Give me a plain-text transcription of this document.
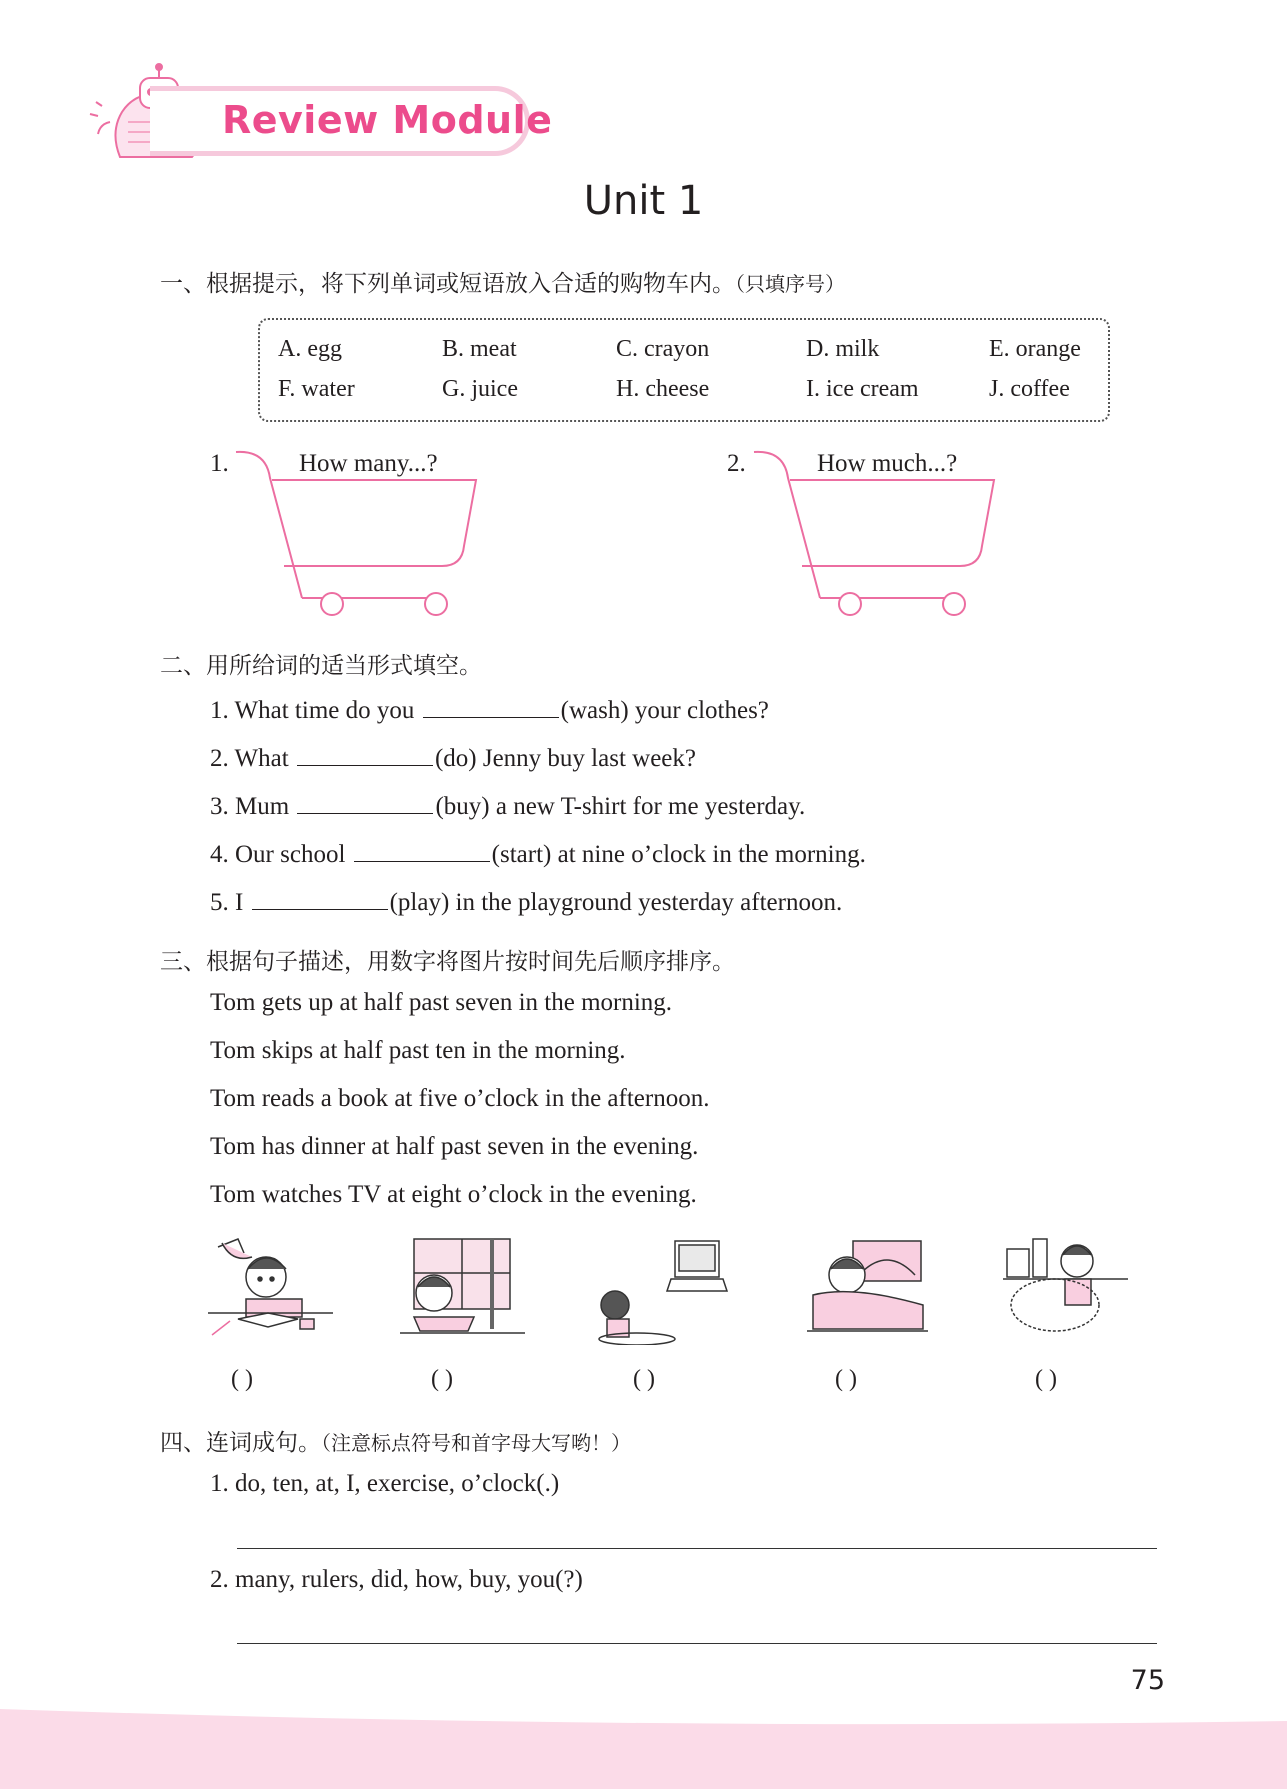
Review Module
Unit 1
一、根据提示，将下列单词或短语放入合适的购物车内。（只填序号）
A. egg	B. meat	C. crayon	D. milk	E. orange
F. water	G. juice	H. cheese	I. ice cream	J. coffee
1.	How many...?	2.	How much...?
二、用所给词的适当形式填空。
1. What time do you	(wash) your clothes?
2. What	(do) Jenny buy last week?
3. Mum	(buy) a new T-shirt for me yesterday.
4. Our school	(start) at nine o’clock in the morning.
5. I	(play) in the playground yesterday afternoon.
三、根据句子描述，用数字将图片按时间先后顺序排序。
Tom gets up at half past seven in the morning.
Tom skips at half past ten in the morning.
Tom reads a book at five o’clock in the afternoon.
Tom has dinner at half past seven in the evening.
Tom watches TV at eight o’clock in the evening.
( )	( )	( )	( )	( )
四、连词成句。（注意标点符号和首字母大写哟！）
1. do, ten, at, I, exercise, o’clock(.)
2. many, rulers, did, how, buy, you(?)
75
